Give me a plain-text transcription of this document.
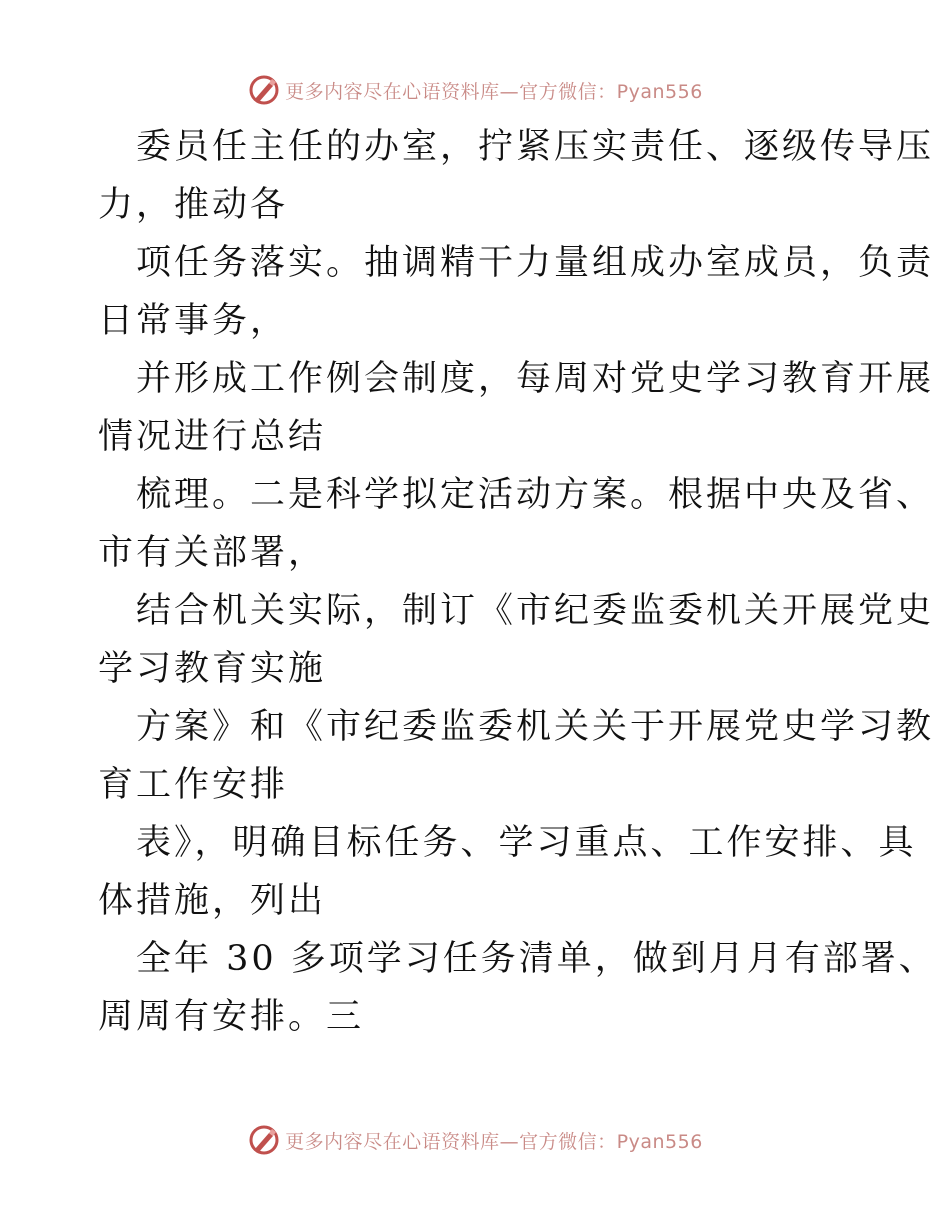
更多内容尽在心语资料库—官方微信：Pyan556
委员任主任的办室，拧紧压实责任、逐级传导压
力，推动各
项任务落实。抽调精干力量组成办室成员，负责
日常事务，
并形成工作例会制度，每周对党史学习教育开展
情况进行总结
梳理。二是科学拟定活动方案。根据中央及省、
市有关部署，
结合机关实际，制订《市纪委监委机关开展党史
学习教育实施
方案》和《市纪委监委机关关于开展党史学习教
育工作安排
表》，明确目标任务、学习重点、工作安排、具
体措施，列出
全年 30 多项学习任务清单，做到月月有部署、
周周有安排。三
更多内容尽在心语资料库—官方微信：Pyan556
